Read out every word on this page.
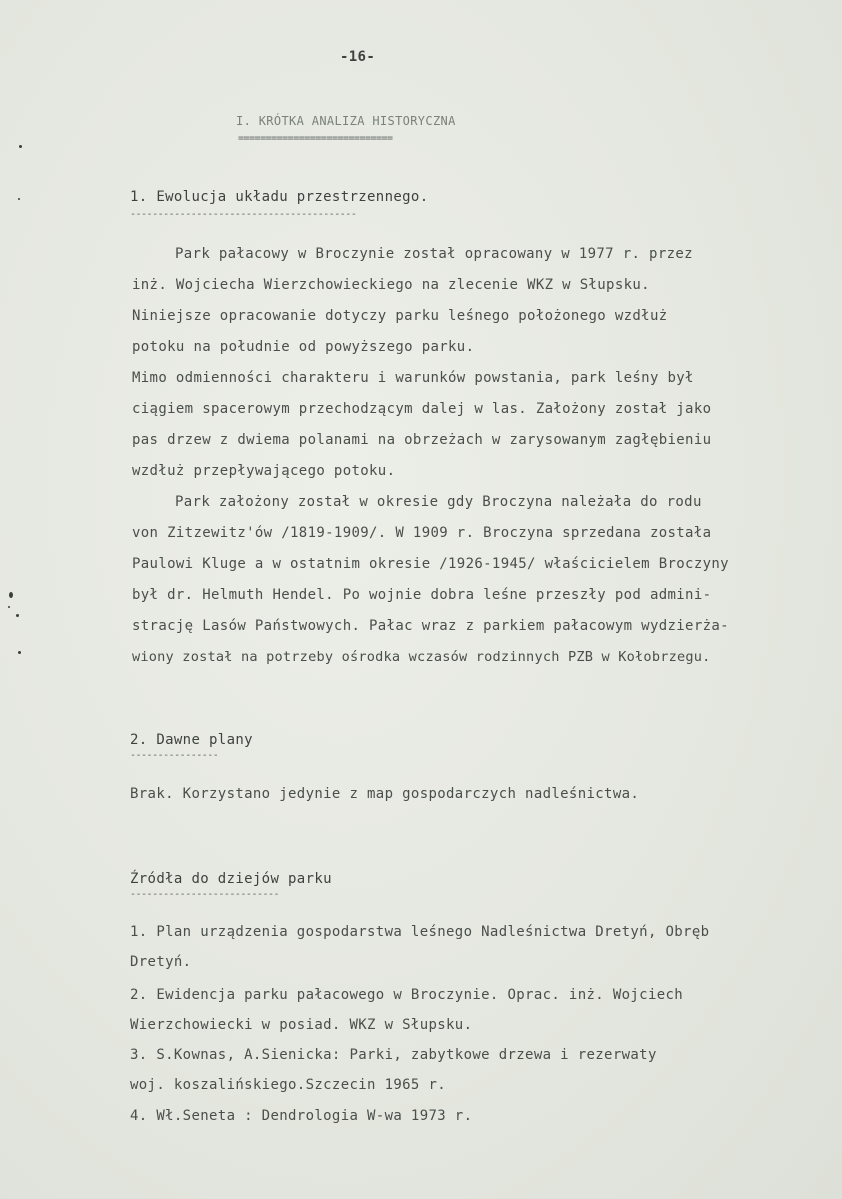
-16-
I. KRÓTKA ANALIZA HISTORYCZNA
============================
1. Ewolucja układu przestrzennego.
-----------------------------------------
Park pałacowy w Broczynie został opracowany w 1977 r. przez
inż. Wojciecha Wierzchowieckiego na zlecenie WKZ w Słupsku.
Niniejsze opracowanie dotyczy parku leśnego położonego wzdłuż
potoku na południe od powyższego parku.
Mimo odmienności charakteru i warunków powstania, park leśny był
ciągiem spacerowym przechodzącym dalej w las. Założony został jako
pas drzew z dwiema polanami na obrzeżach w zarysowanym zagłębieniu
wzdłuż przepływającego potoku.
Park założony został w okresie gdy Broczyna należała do rodu
von Zitzewitz'ów /1819-1909/. W 1909 r. Broczyna sprzedana została
Paulowi Kluge a w ostatnim okresie /1926-1945/ właścicielem Broczyny
był dr. Helmuth Hendel. Po wojnie dobra leśne przeszły pod admini-
strację Lasów Państwowych. Pałac wraz z parkiem pałacowym wydzierża-
wiony został na potrzeby ośrodka wczasów rodzinnych PZB w Kołobrzegu.
2. Dawne plany
----------------
Brak. Korzystano jedynie z map gospodarczych nadleśnictwa.
Źródła do dziejów parku
---------------------------
1. Plan urządzenia gospodarstwa leśnego Nadleśnictwa Dretyń, Obręb
Dretyń.
2. Ewidencja parku pałacowego w Broczynie. Oprac. inż. Wojciech
Wierzchowiecki w posiad. WKZ w Słupsku.
3. S.Kownas, A.Sienicka: Parki, zabytkowe drzewa i rezerwaty
woj. koszalińskiego.Szczecin 1965 r.
4. Wł.Seneta : Dendrologia W-wa 1973 r.
